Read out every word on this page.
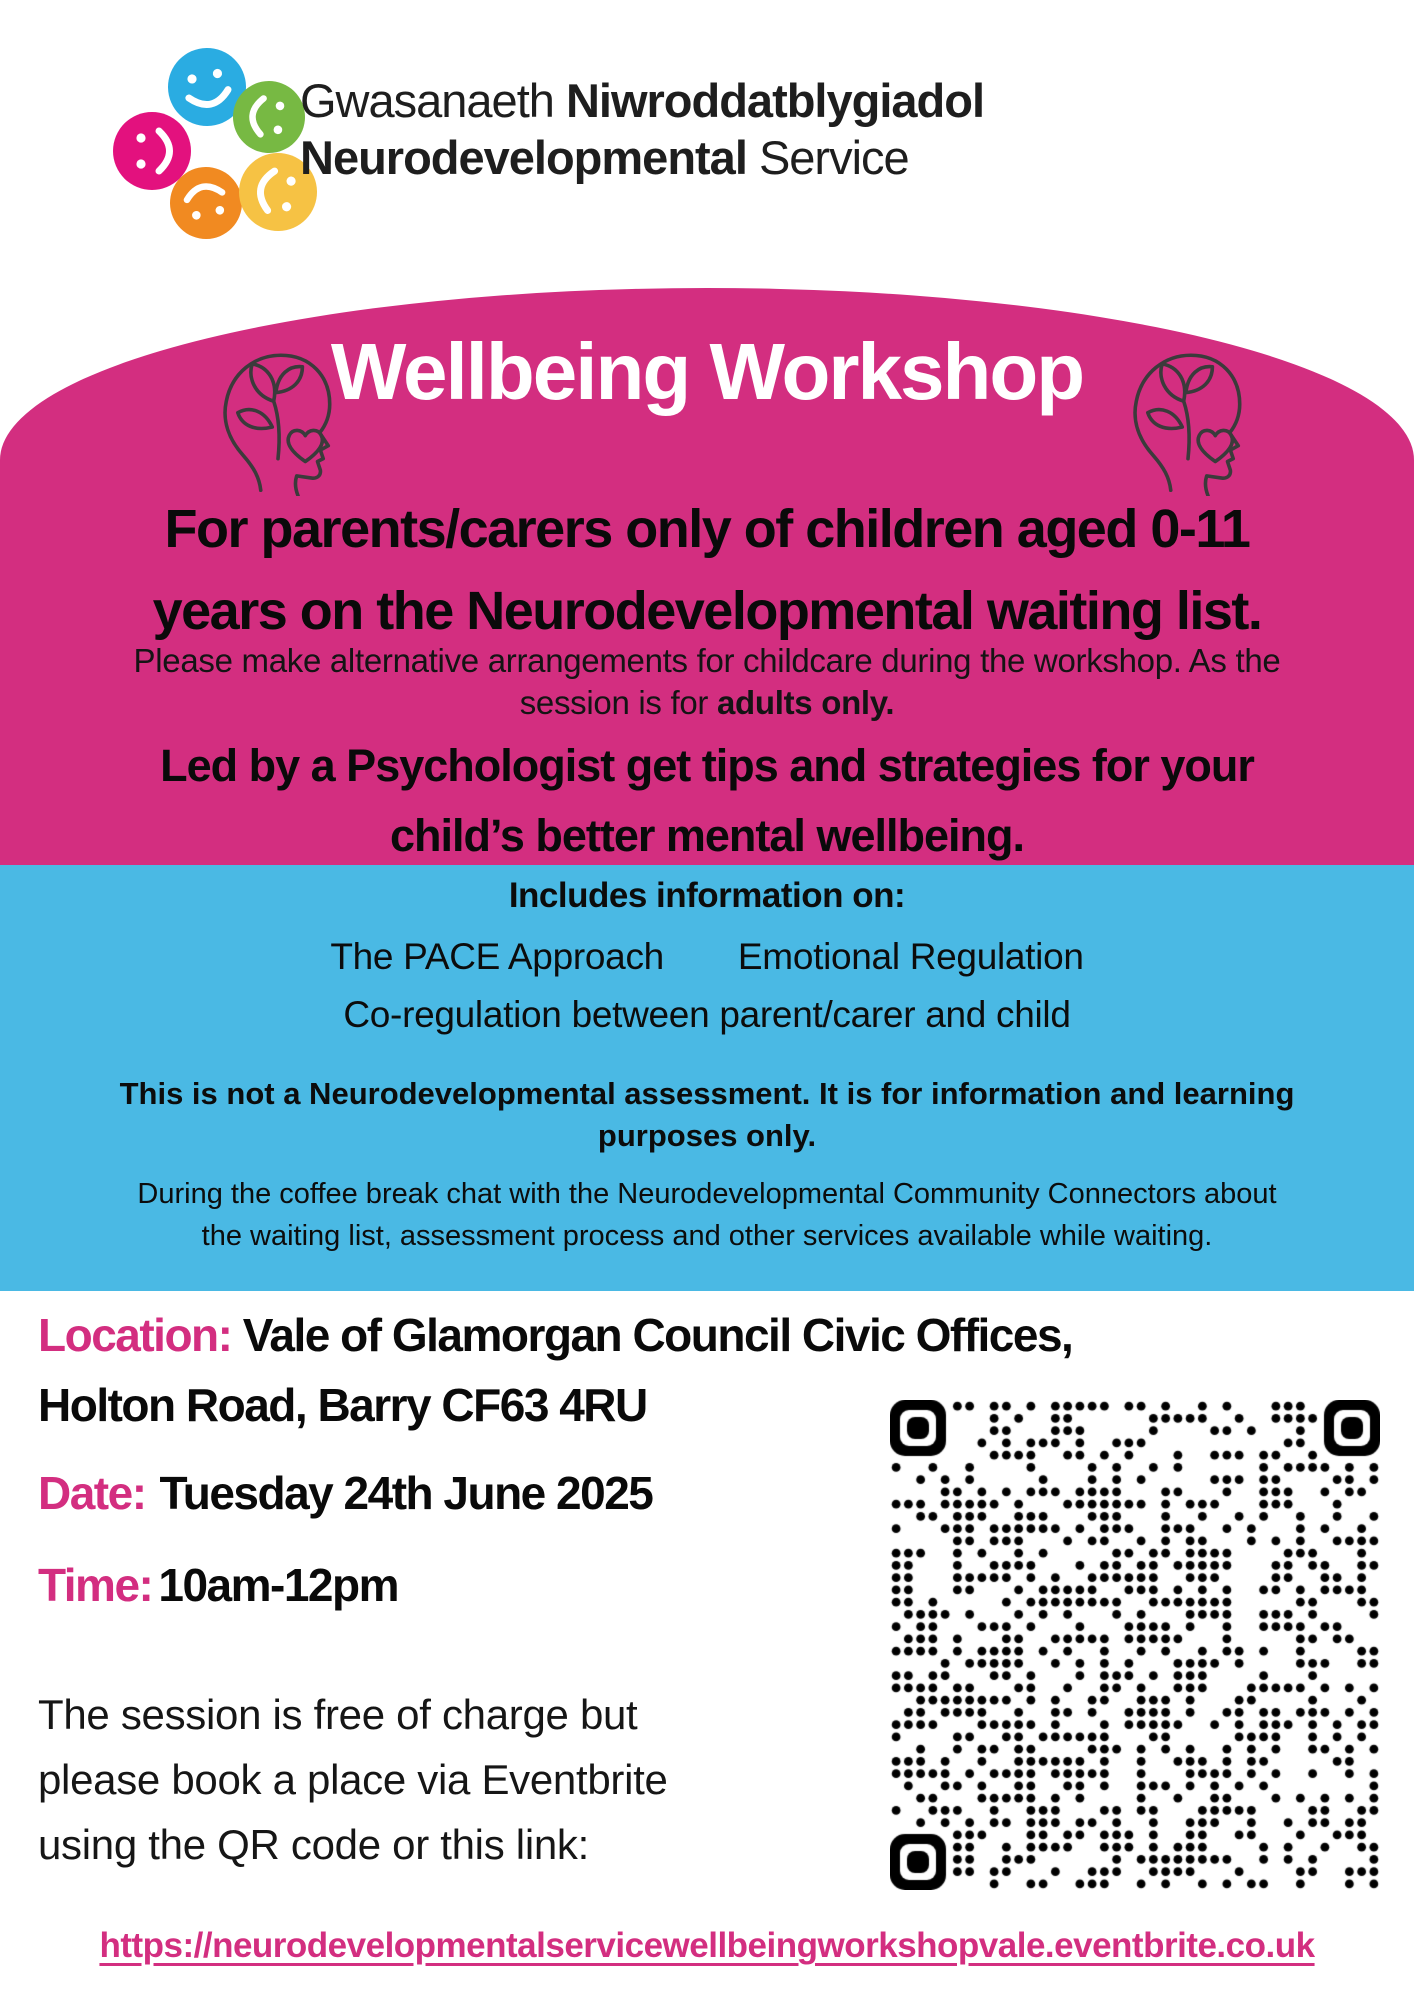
Gwasanaeth Niwroddatblygiadol
Neurodevelopmental Service
Wellbeing Workshop
For parents/carers only of children aged 0-11
years on the Neurodevelopmental waiting list.
Please make alternative arrangements for childcare during the workshop. As the
session is for adults only.
Led by a Psychologist get tips and strategies for your
child’s better mental wellbeing.
Includes information on:
The PACE Approach Emotional Regulation
Co-regulation between parent/carer and child
This is not a Neurodevelopmental assessment. It is for information and learning
purposes only.
During the coffee break chat with the Neurodevelopmental Community Connectors about
the waiting list, assessment process and other services available while waiting.
Location: Vale of Glamorgan Council Civic Offices,
Holton Road, Barry CF63 4RU
Date: Tuesday 24th June 2025
Time: 10am-12pm
The session is free of charge but
please book a place via Eventbrite
using the QR code or this link:
https://neurodevelopmentalservicewellbeingworkshopvale.eventbrite.co.uk
